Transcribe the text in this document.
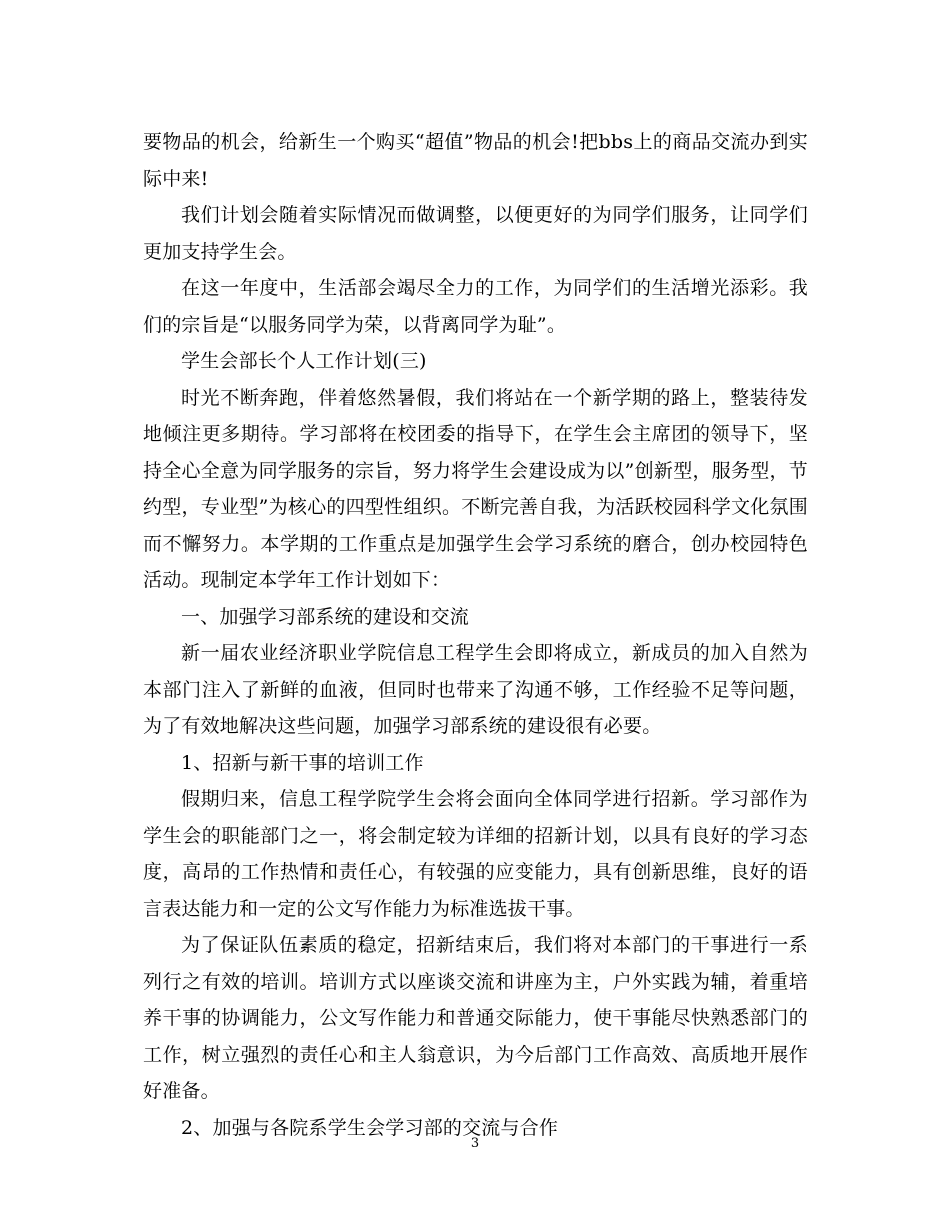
要物品的机会，给新生一个购买“超值”物品的机会!把bbs上的商品交流办到实际中来!

我们计划会随着实际情况而做调整，以便更好的为同学们服务，让同学们更加支持学生会。

在这一年度中，生活部会竭尽全力的工作，为同学们的生活增光添彩。我们的宗旨是“以服务同学为荣，以背离同学为耻”。

学生会部长个人工作计划(三)

时光不断奔跑，伴着悠然暑假，我们将站在一个新学期的路上，整装待发地倾注更多期待。学习部将在校团委的指导下，在学生会主席团的领导下，坚持全心全意为同学服务的宗旨，努力将学生会建设成为以”创新型，服务型，节约型，专业型”为核心的四型性组织。不断完善自我，为活跃校园科学文化氛围而不懈努力。本学期的工作重点是加强学生会学习系统的磨合，创办校园特色活动。现制定本学年工作计划如下：

一、加强学习部系统的建设和交流

新一届农业经济职业学院信息工程学生会即将成立，新成员的加入自然为本部门注入了新鲜的血液，但同时也带来了沟通不够，工作经验不足等问题，为了有效地解决这些问题，加强学习部系统的建设很有必要。

1、招新与新干事的培训工作

假期归来，信息工程学院学生会将会面向全体同学进行招新。学习部作为学生会的职能部门之一，将会制定较为详细的招新计划，以具有良好的学习态度，高昂的工作热情和责任心，有较强的应变能力，具有创新思维，良好的语言表达能力和一定的公文写作能力为标准选拔干事。

为了保证队伍素质的稳定，招新结束后，我们将对本部门的干事进行一系列行之有效的培训。培训方式以座谈交流和讲座为主，户外实践为辅，着重培养干事的协调能力，公文写作能力和普通交际能力，使干事能尽快熟悉部门的工作，树立强烈的责任心和主人翁意识，为今后部门工作高效、高质地开展作好准备。

2、加强与各院系学生会学习部的交流与合作

3
